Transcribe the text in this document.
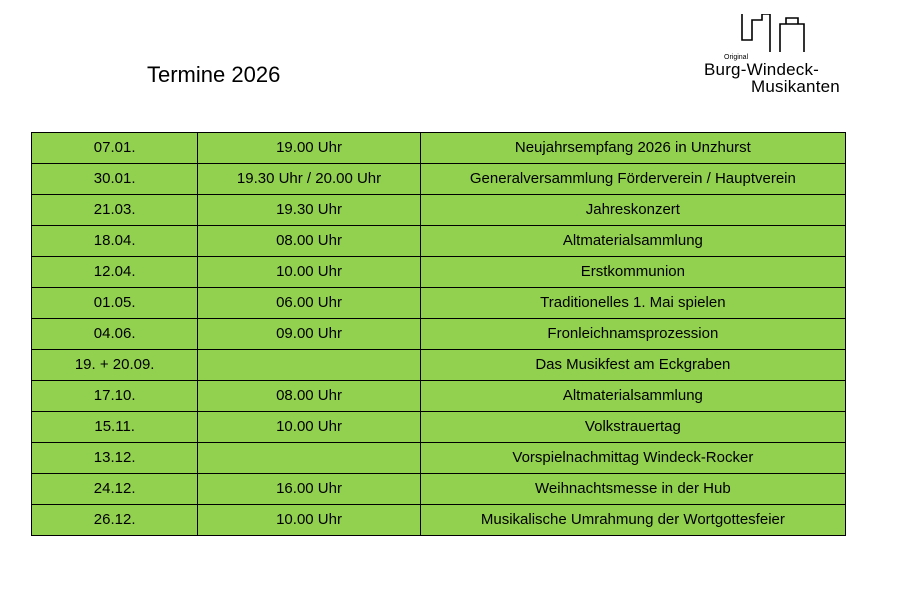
Termine 2026
Original
Burg-Windeck-
Musikanten
07.01.	19.00 Uhr	Neujahrsempfang 2026 in Unzhurst
30.01.	19.30 Uhr / 20.00 Uhr	Generalversammlung Förderverein / Hauptverein
21.03.	19.30 Uhr	Jahreskonzert
18.04.	08.00 Uhr	Altmaterialsammlung
12.04.	10.00 Uhr	Erstkommunion
01.05.	06.00 Uhr	Traditionelles 1. Mai spielen
04.06.	09.00 Uhr	Fronleichnamsprozession
19. + 20.09.		Das Musikfest am Eckgraben
17.10.	08.00 Uhr	Altmaterialsammlung
15.11.	10.00 Uhr	Volkstrauertag
13.12.		Vorspielnachmittag Windeck-Rocker
24.12.	16.00 Uhr	Weihnachtsmesse in der Hub
26.12.	10.00 Uhr	Musikalische Umrahmung der Wortgottesfeier
